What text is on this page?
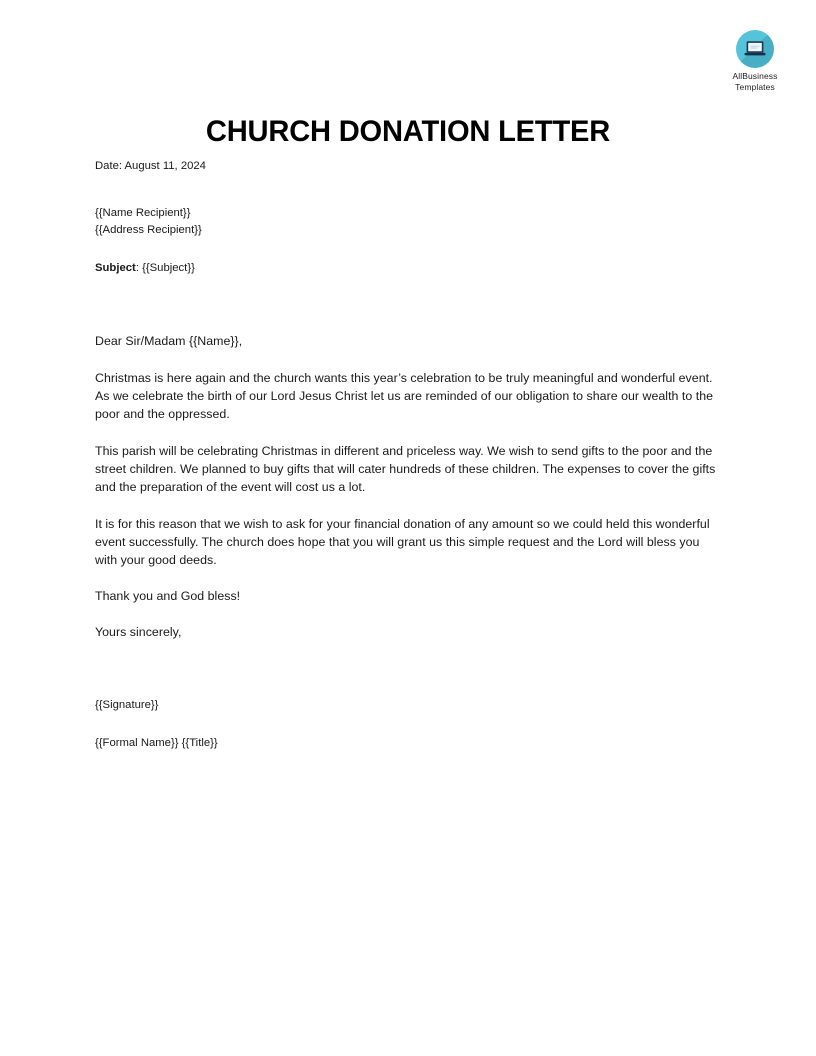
AllBusiness
Templates
CHURCH DONATION LETTER

Date: August 11, 2024

{{Name Recipient}}
{{Address Recipient}}

Subject: {{Subject}}

Dear Sir/Madam {{Name}},

Christmas is here again and the church wants this year’s celebration to be truly meaningful and wonderful event. As we celebrate the birth of our Lord Jesus Christ let us are reminded of our obligation to share our wealth to the poor and the oppressed.

This parish will be celebrating Christmas in different and priceless way. We wish to send gifts to the poor and the street children. We planned to buy gifts that will cater hundreds of these children. The expenses to cover the gifts and the preparation of the event will cost us a lot.

It is for this reason that we wish to ask for your financial donation of any amount so we could held this wonderful event successfully. The church does hope that you will grant us this simple request and the Lord will bless you with your good deeds.

Thank you and God bless!

Yours sincerely,

{{Signature}}

{{Formal Name}} {{Title}}
